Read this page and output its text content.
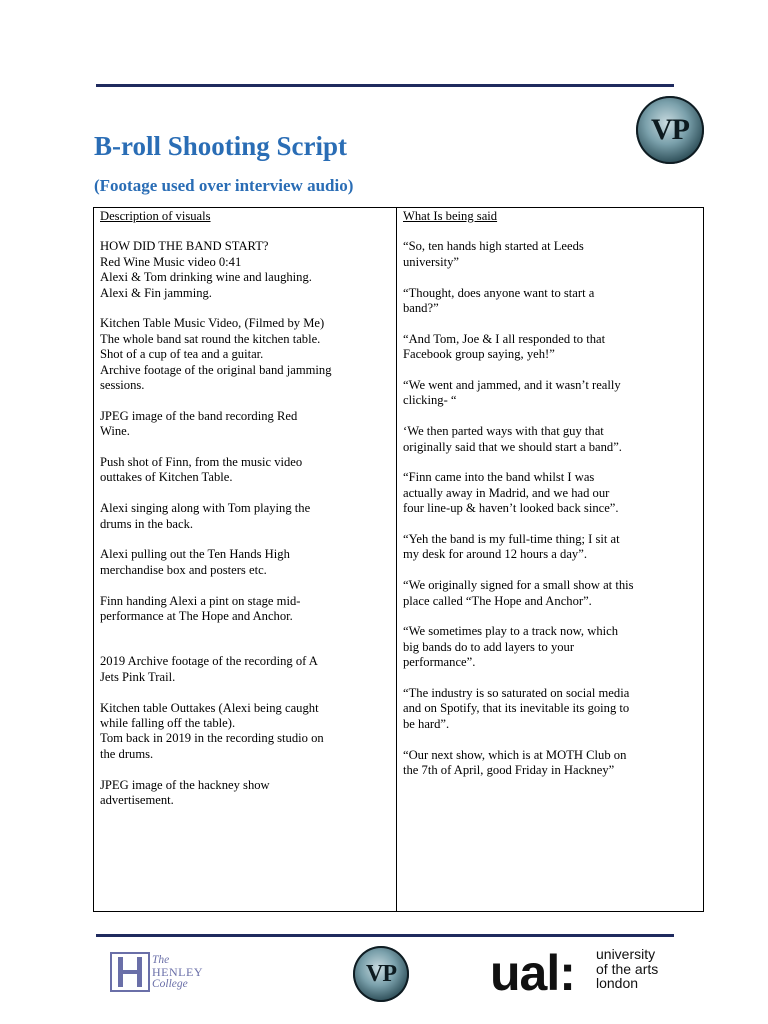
B-roll Shooting Script
(Footage used over interview audio)
VP
Description of visuals
HOW DID THE BAND START?
Red Wine Music video 0:41
Alexi & Tom drinking wine and laughing.
Alexi & Fin jamming.
Kitchen Table Music Video, (Filmed by Me)
The whole band sat round the kitchen table.
Shot of a cup of tea and a guitar.
Archive footage of the original band jamming
sessions.
JPEG image of the band recording Red
Wine.
Push shot of Finn, from the music video
outtakes of Kitchen Table.
Alexi singing along with Tom playing the
drums in the back.
Alexi pulling out the Ten Hands High
merchandise box and posters etc.
Finn handing Alexi a pint on stage mid-
performance at The Hope and Anchor.
2019 Archive footage of the recording of A
Jets Pink Trail.
Kitchen table Outtakes (Alexi being caught
while falling off the table).
Tom back in 2019 in the recording studio on
the drums.
JPEG image of the hackney show
advertisement.

What Is being said
“So, ten hands high started at Leeds
university”
“Thought, does anyone want to start a
band?”
“And Tom, Joe & I all responded to that
Facebook group saying, yeh!”
“We went and jammed, and it wasn’t really
clicking- “
‘We then parted ways with that guy that
originally said that we should start a band”.
“Finn came into the band whilst I was
actually away in Madrid, and we had our
four line-up & haven’t looked back since”.
“Yeh the band is my full-time thing; I sit at
my desk for around 12 hours a day”.
“We originally signed for a small show at this
place called “The Hope and Anchor”.
“We sometimes play to a track now, which
big bands do to add layers to your
performance”.
“The industry is so saturated on social media
and on Spotify, that its inevitable its going to
be hard”.
“Our next show, which is at MOTH Club on
the 7th of April, good Friday in Hackney”
The
HENLEY
College	VP ual: university
of the arts
london
